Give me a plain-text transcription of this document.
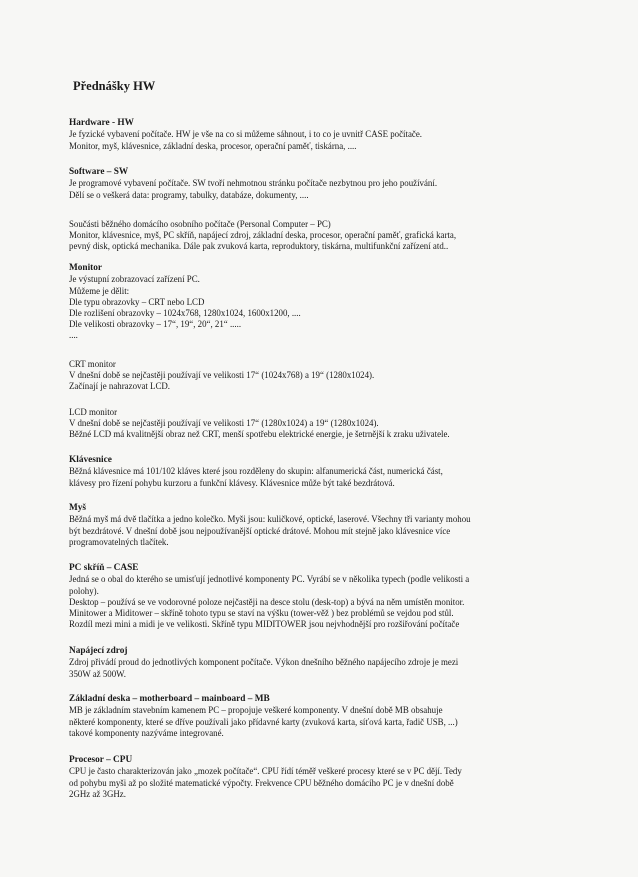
Přednášky HW
Hardware - HW

Je fyzické vybavení počítače. HW je vše na co si můžeme sáhnout, i to co je uvnitř CASE počítače.

Monitor, myš, klávesnice, základní deska, procesor, operační paměť, tiskárna, ....

Software – SW

Je programové vybavení počítače. SW tvoří nehmotnou stránku počítače nezbytnou pro jeho používání.

Dělí se o veškerá data: programy, tabulky, databáze, dokumenty, ....

Součásti běžného domácího osobního počítače (Personal Computer – PC)

Monitor, klávesnice, myš, PC skříň, napájecí zdroj, základní deska, procesor, operační paměť, grafická karta,

pevný disk, optická mechanika. Dále pak zvuková karta, reproduktory, tiskárna, multifunkční zařízení atd..

Monitor

Je výstupní zobrazovací zařízení PC.

Můžeme je dělit:

Dle typu obrazovky – CRT nebo LCD

Dle rozlišení obrazovky – 1024x768, 1280x1024, 1600x1200, ....

Dle velikosti obrazovky – 17“, 19“, 20“, 21“ .....

....

CRT monitor

V dnešní době se nejčastěji používají ve velikosti 17“ (1024x768) a 19“ (1280x1024).

Začínají je nahrazovat LCD.

LCD monitor

V dnešní době se nejčastěji používají ve velikosti 17“ (1280x1024) a 19“ (1280x1024).

Běžné LCD má kvalitnější obraz než CRT, menší spotřebu elektrické energie, je šetrnější k zraku uživatele.

Klávesnice

Běžná klávesnice má 101/102 kláves které jsou rozděleny do skupin: alfanumerická část, numerická část,

klávesy pro řízení pohybu kurzoru a funkční klávesy. Klávesnice může být také bezdrátová.

Myš

Běžná myš má dvě tlačítka a jedno kolečko. Myši jsou: kuličkové, optické, laserové. Všechny tři varianty mohou

být bezdrátové. V dnešní době jsou nejpoužívanější optické drátové. Mohou mít stejně jako klávesnice více

programovatelných tlačítek.

PC skříň – CASE

Jedná se o obal do kterého se umisťují jednotlivé komponenty PC. Vyrábí se v několika typech (podle velikosti a

polohy).

Desktop – používá se ve vodorovné poloze nejčastěji na desce stolu (desk-top) a bývá na něm umístěn monitor.

Minitower a Miditower – skříně tohoto typu se staví na výšku (tower-věž ) bez problémů se vejdou pod stůl.

Rozdíl mezi mini a midi je ve velikosti. Skříně typu MIDITOWER jsou nejvhodnější pro rozšiřování počítače

Napájecí zdroj

Zdroj přivádí proud do jednotlivých komponent počítače. Výkon dnešního běžného napájecího zdroje je mezi

350W až 500W.

Základní deska – motherboard – mainboard – MB

MB je základním stavebním kamenem PC – propojuje veškeré komponenty. V dnešní době MB obsahuje

některé komponenty, které se dříve používali jako přídavné karty (zvuková karta, síťová karta, řadič USB, ...)

takové komponenty nazýváme integrované.

Procesor – CPU

CPU je často charakterizován jako „mozek počítače“. CPU řídí téměř veškeré procesy které se v PC dějí. Tedy

od pohybu myši až po složité matematické výpočty. Frekvence CPU běžného domácího PC je v dnešní době

2GHz až 3GHz.
